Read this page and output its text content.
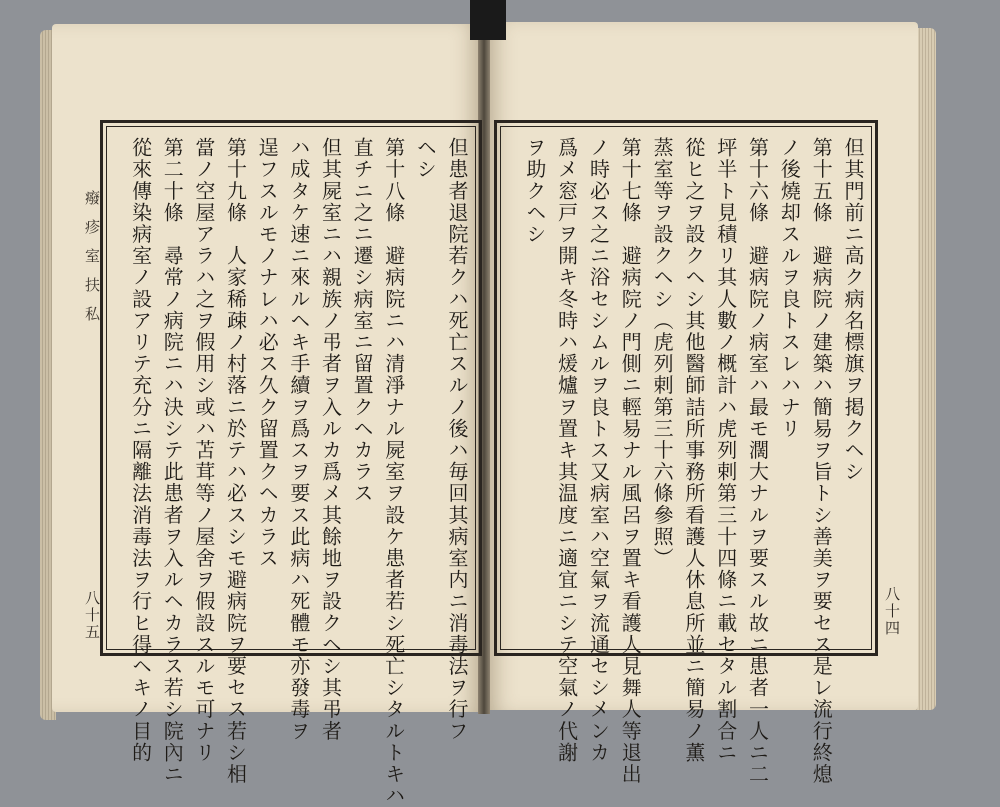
癈疹室扶私
八十五	但患者退院若クハ死亡スルノ後ハ毎回其病室内ニ消毒法ヲ行フ
ヘシ
第十八條　避病院ニハ清淨ナル屍室ヲ設ケ患者若シ死亡シタルトキハ
直チニ之ニ遷シ病室ニ留置クヘカラス
但其屍室ニハ親族ノ弔者ヲ入ルカ爲メ其餘地ヲ設クヘシ其弔者
ハ成タケ速ニ來ルヘキ手續ヲ爲スヲ要ス此病ハ死體モ亦發毒ヲ
逞フスルモノナレハ必ス久ク留置クヘカラス
第十九條　人家稀疎ノ村落ニ於テハ必スシモ避病院ヲ要セス若シ相
當ノ空屋アラハ之ヲ假用シ或ハ苫茸等ノ屋舍ヲ假設スルモ可ナリ
第二十條　尋常ノ病院ニハ決シテ此患者ヲ入ルヘカラス若シ院內ニ
從來傳染病室ノ設アリテ充分ニ隔離法消毒法ヲ行ヒ得ヘキノ目的	但其門前ニ高ク病名標旗ヲ掲クヘシ
第十五條　避病院ノ建築ハ簡易ヲ旨トシ善美ヲ要セス是レ流行終熄
ノ後燒却スルヲ良トスレハナリ
第十六條　避病院ノ病室ハ最モ濶大ナルヲ要スル故ニ患者一人ニ二
坪半ト見積リ其人數ノ概計ハ虎列剌第三十四條ニ載セタル割合ニ
從ヒ之ヲ設クヘシ其他醫師詰所事務所看護人休息所並ニ簡易ノ薫
蒸室等ヲ設クヘシ（虎列剌第三十六條參照）
第十七條　避病院ノ門側ニ輕易ナル風呂ヲ置キ看護人見舞人等退出
ノ時必ス之ニ浴セシムルヲ良トス又病室ハ空氣ヲ流通セシメンカ
爲メ窓戸ヲ開キ冬時ハ煖爐ヲ置キ其温度ニ適宜ニシテ空氣ノ代謝
ヲ助クヘシ
八十四
